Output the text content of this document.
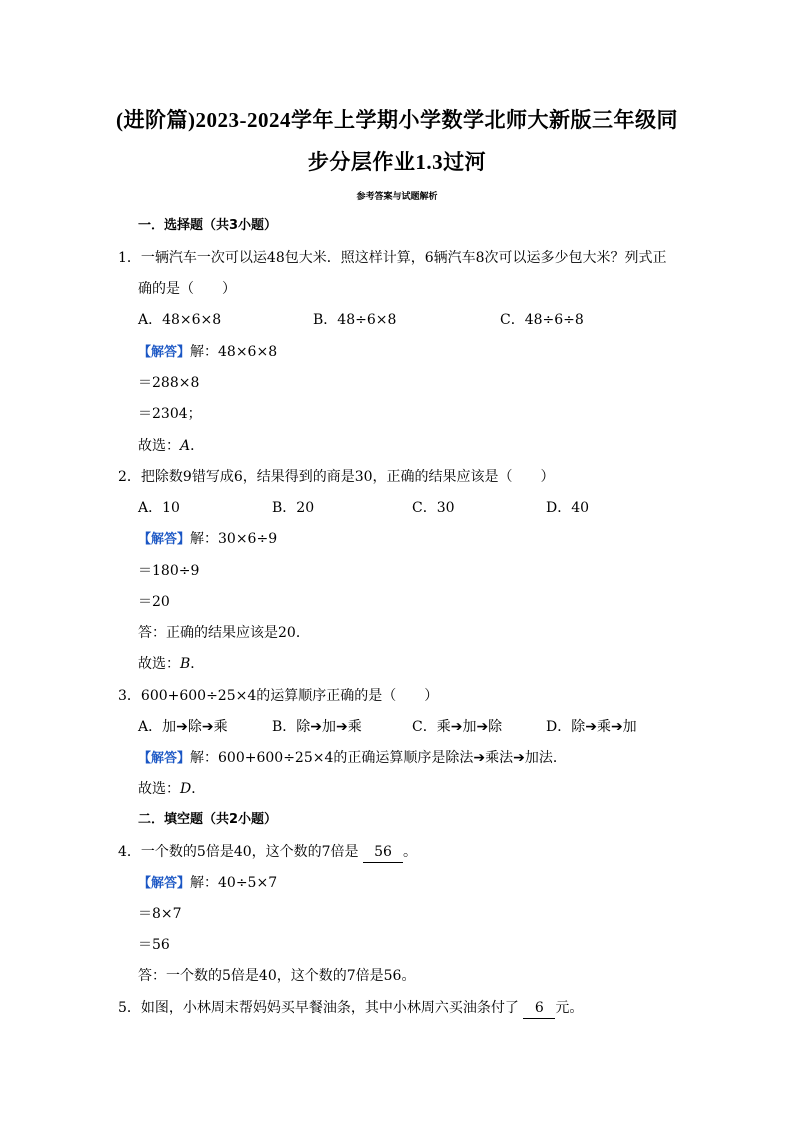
(进阶篇)2023-2024学年上学期小学数学北师大新版三年级同
步分层作业1.3过河
参考答案与试题解析
一．选择题（共3小题）
1．一辆汽车一次可以运48包大米．照这样计算，6辆汽车8次可以运多少包大米？列式正
确的是（　　）
A．48×6×8	B．48÷6×8	C．48÷6÷8
【解答】解：48×6×8
＝288×8
＝2304；
故选：A．
2．把除数9错写成6，结果得到的商是30，正确的结果应该是（　　）
A．10	B．20	C．30	D．40
【解答】解：30×6÷9
＝180÷9
＝20
答：正确的结果应该是20．
故选：B．
3．600+600÷25×4的运算顺序正确的是（　　）
A．加➔除➔乘	B．除➔加➔乘	C．乘➔加➔除	D．除➔乘➔加
【解答】解：600+600÷25×4的正确运算顺序是除法➔乘法➔加法．
故选：D．
二．填空题（共2小题）
4．一个数的5倍是40，这个数的7倍是 56 。
【解答】解：40÷5×7
＝8×7
＝56
答：一个数的5倍是40，这个数的7倍是56。
5．如图，小林周末帮妈妈买早餐油条，其中小林周六买油条付了 6 元。
